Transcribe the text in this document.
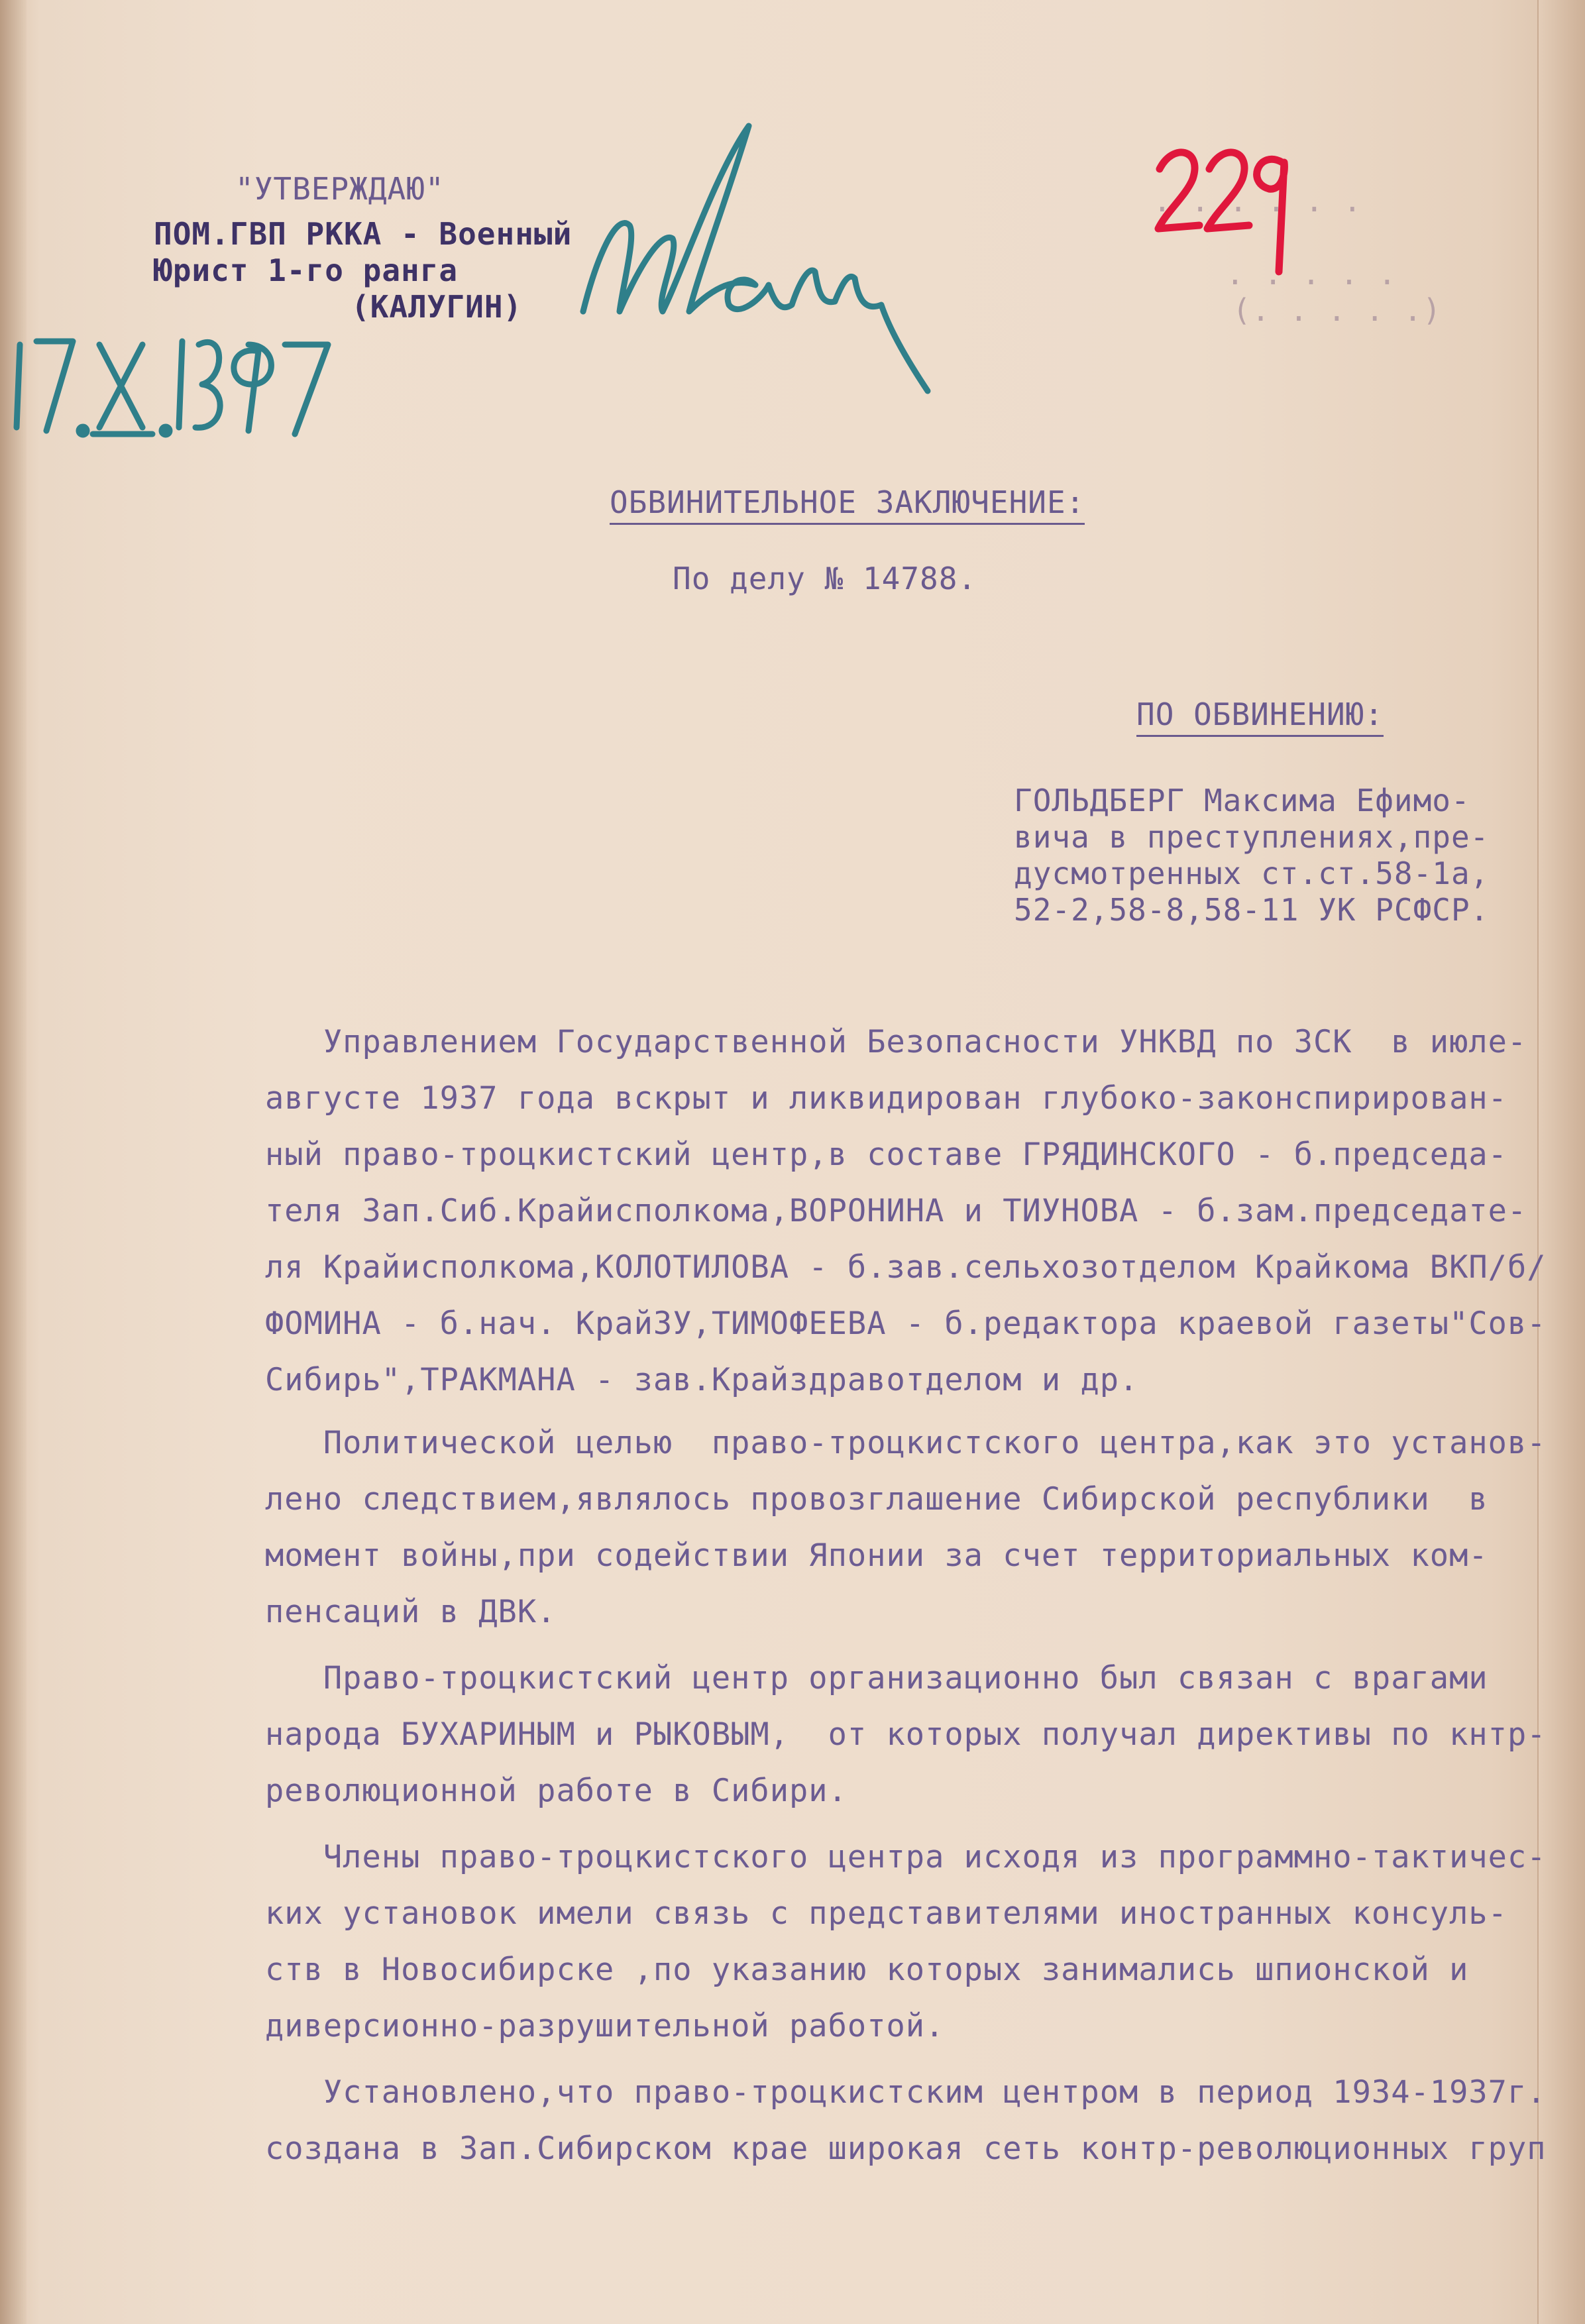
"УТВЕРЖДАЮ"
ПОМ.ГВП РККА - Военный
Юрист 1-го ранга
(КАЛУГИН)
. . . . . .
. . . . .
(. . . . .)
ОБВИНИТЕЛЬНОЕ ЗАКЛЮЧЕНИЕ:
По делу № 14788.
ПО ОБВИНЕНИЮ:
ГОЛЬДБЕРГ Максима Ефимо-
вича в преступлениях,пре-
дусмотренных ст.ст.58-1а,
52-2,58-8,58-11 УК РСФСР.
Управлением Государственной Безопасности УНКВД по ЗСК  в июле-
августе 1937 года вскрыт и ликвидирован глубоко-законспирирован-
ный право-троцкистский центр,в составе ГРЯДИНСКОГО - б.председа-
теля Зап.Сиб.Крайисполкома,ВОРОНИНА и ТИУНОВА - б.зам.председате-
ля Крайисполкома,КОЛОТИЛОВА - б.зав.сельхозотделом Крайкома ВКП/б/
ФОМИНА - б.нач. КрайЗУ,ТИМОФЕЕВА - б.редактора краевой газеты"Сов-
Сибирь",ТРАКМАНА - зав.Крайздравотделом и др.
Политической целью  право-троцкистского центра,как это установ-
лено следствием,являлось провозглашение Сибирской республики  в
момент войны,при содействии Японии за счет территориальных ком-
пенсаций в ДВК.
Право-троцкистский центр организационно был связан с врагами
народа БУХАРИНЫМ и РЫКОВЫМ,  от которых получал директивы по кнтр-
революционной работе в Сибири.
Члены право-троцкистского центра исходя из программно-тактичес-
ких установок имели связь с представителями иностранных консуль-
ств в Новосибирске ,по указанию которых занимались шпионской и
диверсионно-разрушительной работой.
Установлено,что право-троцкистским центром в период 1934-1937г.
создана в Зап.Сибирском крае широкая сеть контр-революционных груп
